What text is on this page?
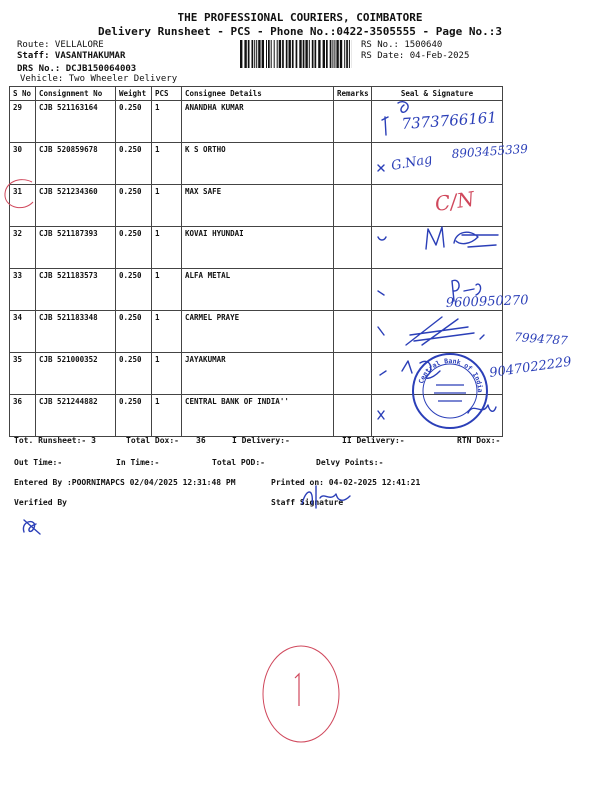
THE PROFESSIONAL COURIERS, COIMBATORE
Delivery Runsheet - PCS - Phone No.:0422-3505555 - Page No.:3
Route: VELLALORE
Staff: VASANTHAKUMAR
DRS No.: DCJB150064003
Vehicle: Two Wheeler Delivery
RS No.: 1500640
RS Date: 04-Feb-2025
S No	Consignment No	Weight	PCS	Consignee Details	Remarks	Seal & Signature
29	CJB 521163164	0.250	1	ANANDHA KUMAR		
30	CJB 520859678	0.250	1	K S ORTHO		
31	CJB 521234360	0.250	1	MAX SAFE		
32	CJB 521187393	0.250	1	KOVAI HYUNDAI		
33	CJB 521183573	0.250	1	ALFA METAL		
34	CJB 521183348	0.250	1	CARMEL PRAYE		
35	CJB 521000352	0.250	1	JAYAKUMAR		
36	CJB 521244882	0.250	1	CENTRAL BANK OF INDIA''		
7373766161
G.Nag
8903455339
C/N
9600950270
7994787
9047022229
Central Bank of India
Tot. Runsheet:- 3	Total Dox:- 36	I Delivery:-	II Delivery:-	RTN Dox:-
Out Time:-	In Time:-	Total POD:-	Delvy Points:-
Entered By :POORNIMAPCS 02/04/2025 12:31:48 PM	Printed on: 04-02-2025 12:41:21
Verified By	Staff Signature
